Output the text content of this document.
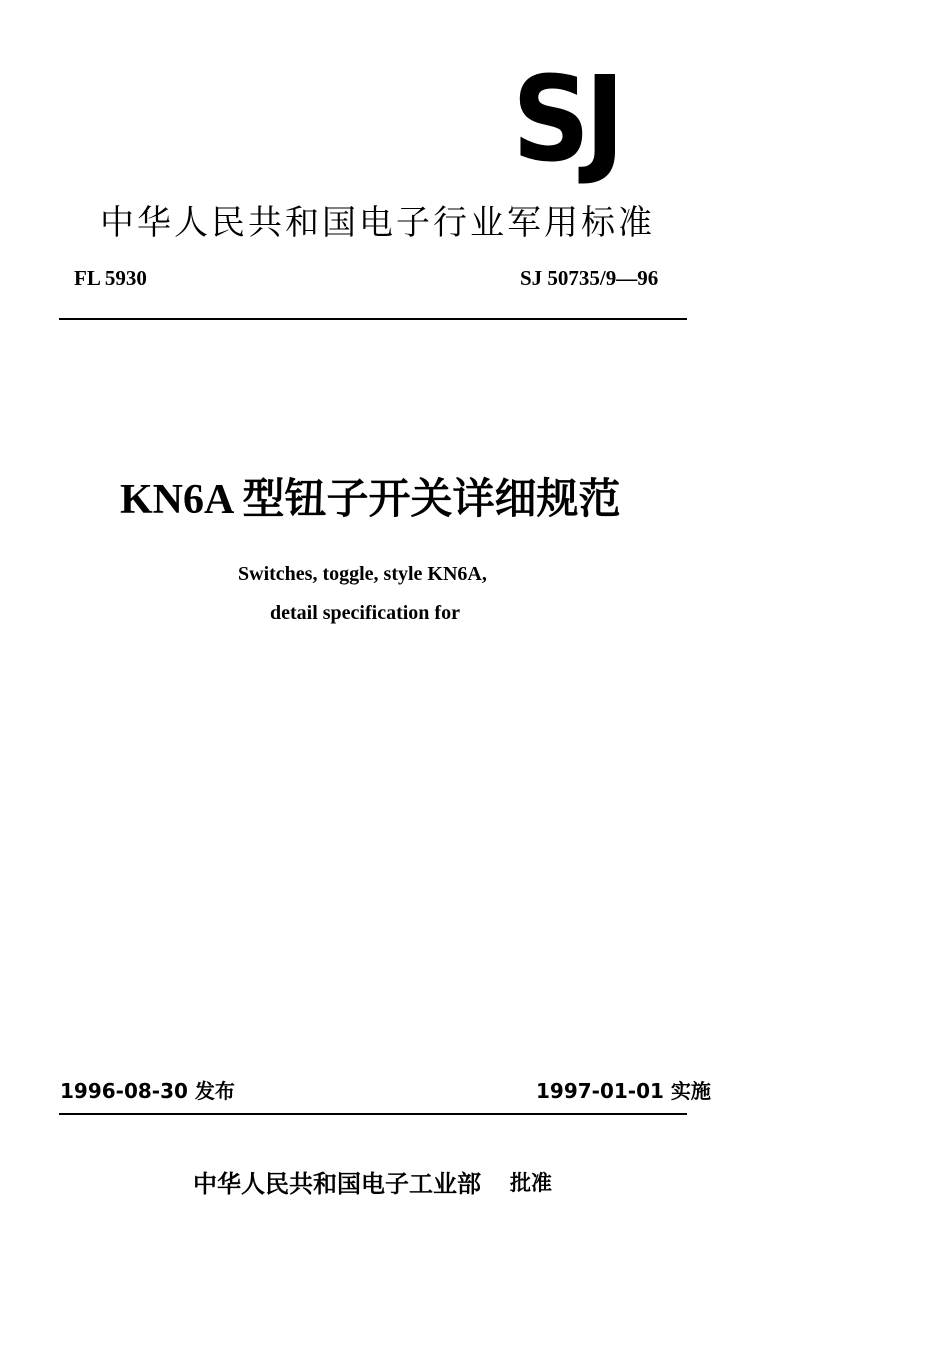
SJ
中华人民共和国电子行业军用标准
FL 5930	SJ 50735/9—96
KN6A 型钮子开关详细规范
Switches, toggle, style KN6A,
detail specification for
1996-08-30 发布	1997-01-01 实施
中华人民共和国电子工业部 批准
